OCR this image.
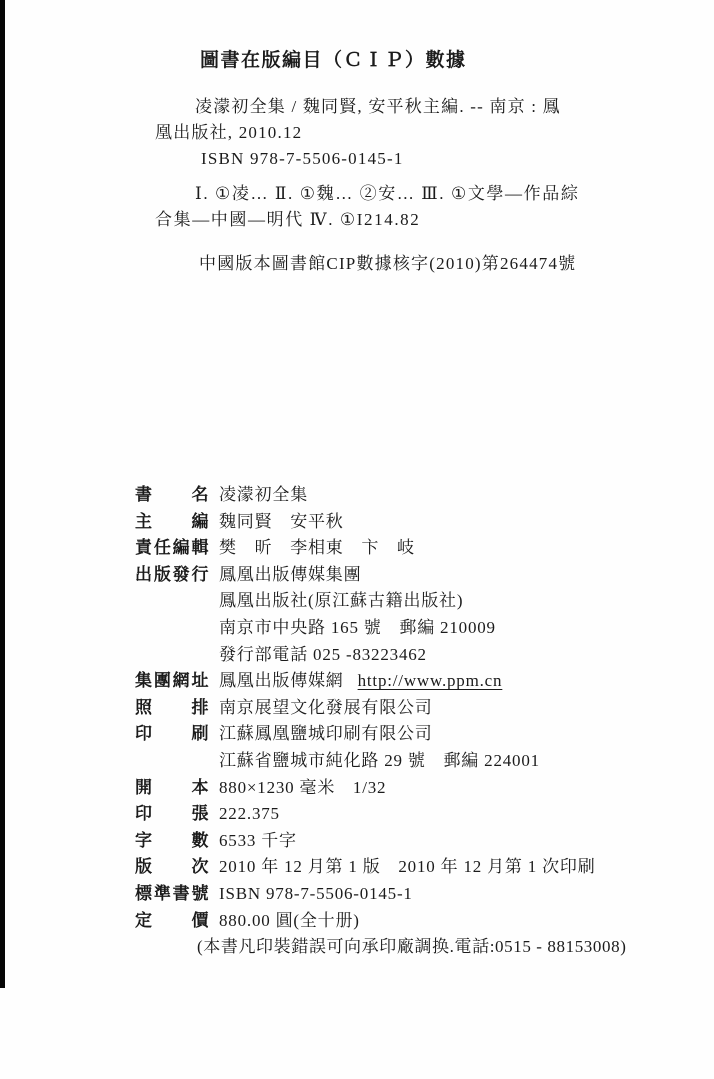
圖書在版編目（ＣＩＰ）數據
凌濛初全集 / 魏同賢, 安平秋主編. -- 南京 : 鳳
凰出版社, 2010.12
ISBN 978-7-5506-0145-1
Ⅰ. ①凌… Ⅱ. ①魏… ②安… Ⅲ. ①文學—作品綜
合集—中國—明代 Ⅳ. ①I214.82
中國版本圖書館CIP數據核字(2010)第264474號
書名 凌濛初全集
主編 魏同賢　安平秋
責任編輯 樊　昕　李相東　卞　岐
出版發行 鳳凰出版傳媒集團
鳳凰出版社(原江蘇古籍出版社)
南京市中央路 165 號　郵編 210009
發行部電話 025 -83223462
集團網址 鳳凰出版傳媒網 http://www.ppm.cn
照排 南京展望文化發展有限公司
印刷 江蘇鳳凰鹽城印刷有限公司
江蘇省鹽城市純化路 29 號　郵編 224001
開本 880×1230 毫米　1/32
印張 222.375
字數 6533 千字
版次 2010 年 12 月第 1 版　2010 年 12 月第 1 次印刷
標準書號 ISBN 978-7-5506-0145-1
定價 880.00 圓(全十册)
(本書凡印裝錯誤可向承印廠調换.電話:0515 - 88153008)
